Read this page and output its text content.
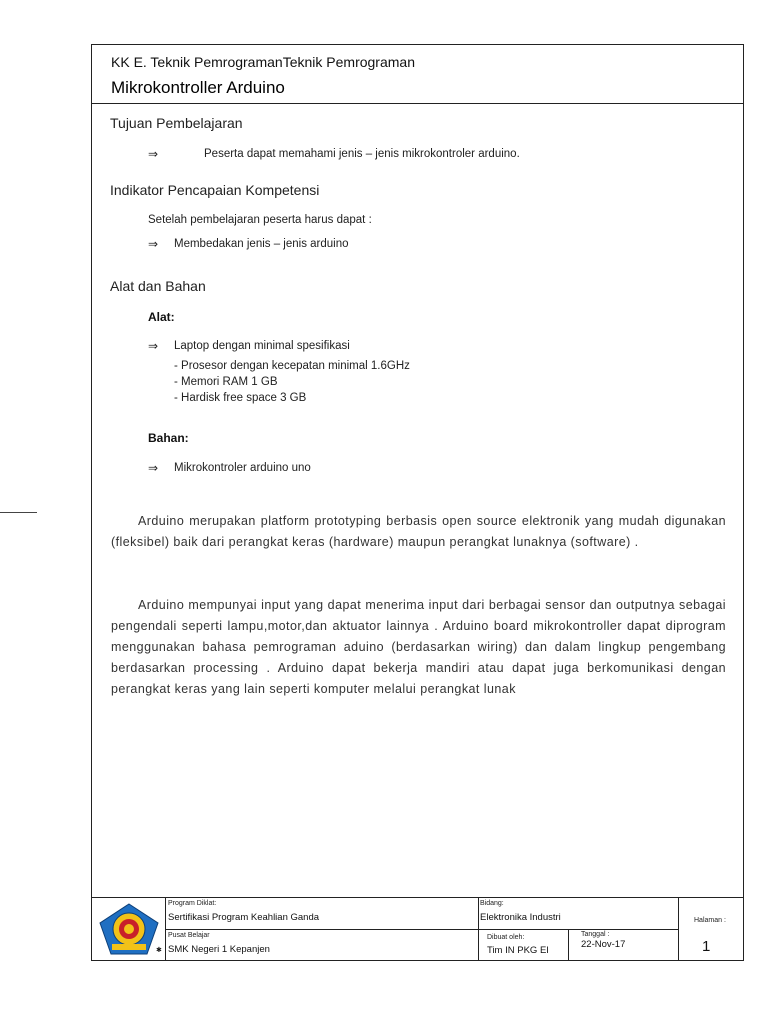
KK E. Teknik PemrogramanTeknik Pemrograman
Mikrokontroller Arduino
Tujuan Pembelajaran
⇒	Peserta dapat memahami jenis – jenis mikrokontroler arduino.
Indikator Pencapaian Kompetensi
Setelah pembelajaran peserta harus dapat :
⇒ Membedakan jenis – jenis arduino
Alat dan Bahan
Alat:
⇒ Laptop dengan minimal spesifikasi
- Prosesor dengan kecepatan minimal 1.6GHz
- Memori RAM 1 GB
- Hardisk free space 3 GB
Bahan:
⇒ Mikrokontroler arduino uno
Arduino merupakan platform prototyping berbasis open source elektronik yang mudah digunakan (fleksibel) baik dari perangkat keras (hardware) maupun perangkat lunaknya (software) .
Arduino mempunyai input yang dapat menerima input dari berbagai sensor dan outputnya sebagai pengendali seperti lampu,motor,dan aktuator lainnya . Arduino board mikrokontroller dapat diprogram menggunakan bahasa pemrograman aduino (berdasarkan wiring) dan dalam lingkup pengembang berdasarkan processing . Arduino dapat bekerja mandiri atau dapat juga berkomunikasi dengan perangkat keras yang lain seperti komputer melalui perangkat lunak
✱
Program Diklat:
Sertifikasi Program Keahlian Ganda
Pusat Belajar
SMK Negeri 1 Kepanjen
Bidang:
Elektronika Industri
Dibuat oleh:
Tim IN PKG EI
Tanggal :
22-Nov-17
Halaman :
1
